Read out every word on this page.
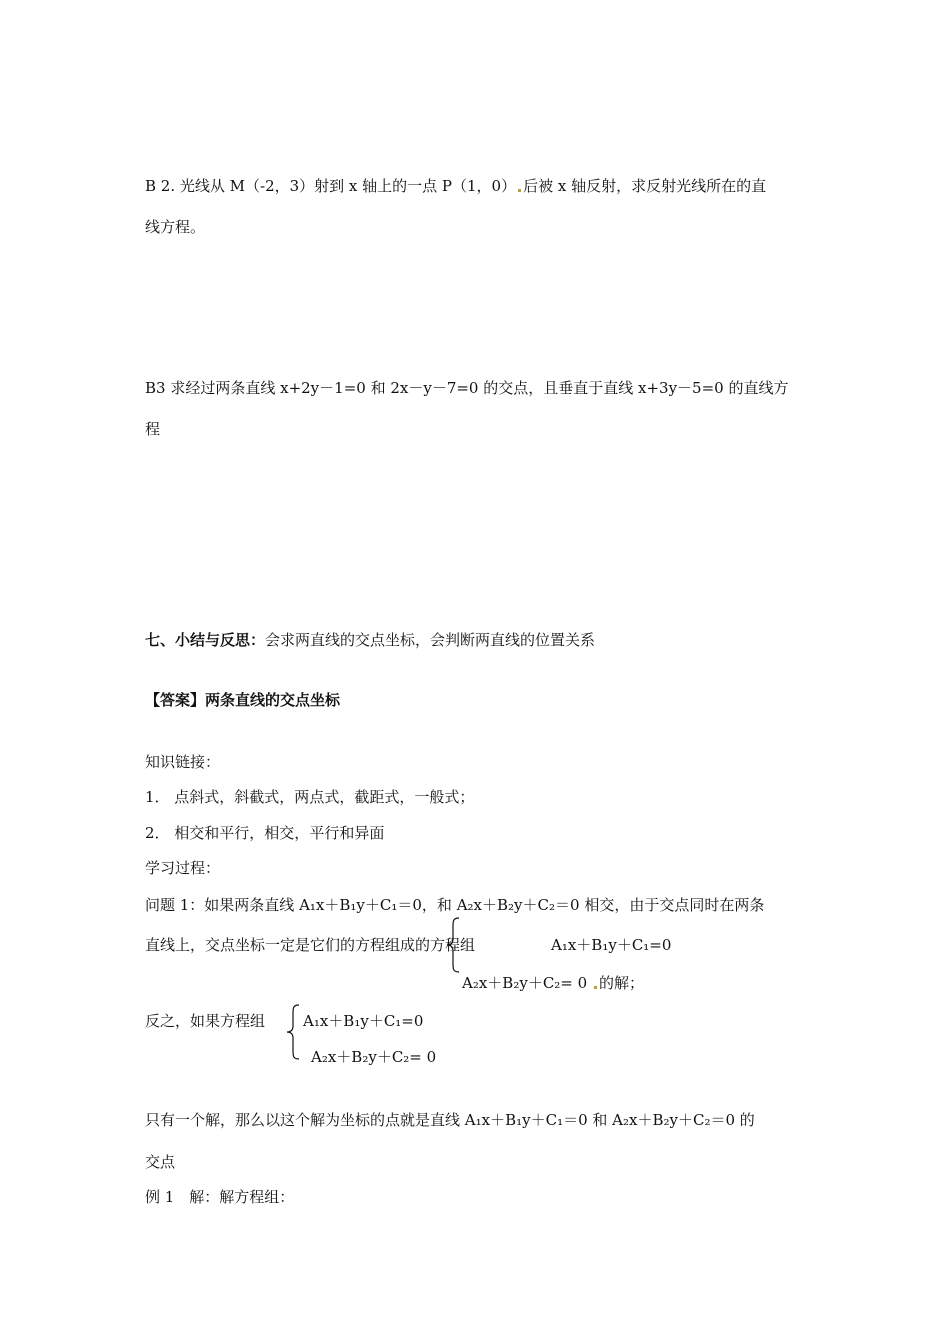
B 2. 光线从 M（-2，3）射到 x 轴上的一点 P（1，0） 后被 x 轴反射，求反射光线所在的直
线方程。
B3 求经过两条直线 x+2y－1=0 和 2x－y－7=0 的交点，且垂直于直线 x+3y－5=0 的直线方
程
七、小结与反思：会求两直线的交点坐标，会判断两直线的位置关系
【答案】两条直线的交点坐标
知识链接：
1． 点斜式，斜截式，两点式，截距式，一般式；
2． 相交和平行，相交，平行和异面
学习过程：
问题 1：如果两条直线 A₁x＋B₁y＋C₁＝0，和 A₂x＋B₂y＋C₂＝0 相交，由于交点同时在两条
直线上，交点坐标一定是它们的方程组成的方程组	A₁x＋B₁y＋C₁=0
A₂x＋B₂y＋C₂= 0 的解；
反之，如果方程组	A₁x＋B₁y＋C₁=0
A₂x＋B₂y＋C₂= 0
只有一个解，那么以这个解为坐标的点就是直线 A₁x＋B₁y＋C₁＝0 和 A₂x＋B₂y＋C₂＝0 的
交点
例 1　解：解方程组：
